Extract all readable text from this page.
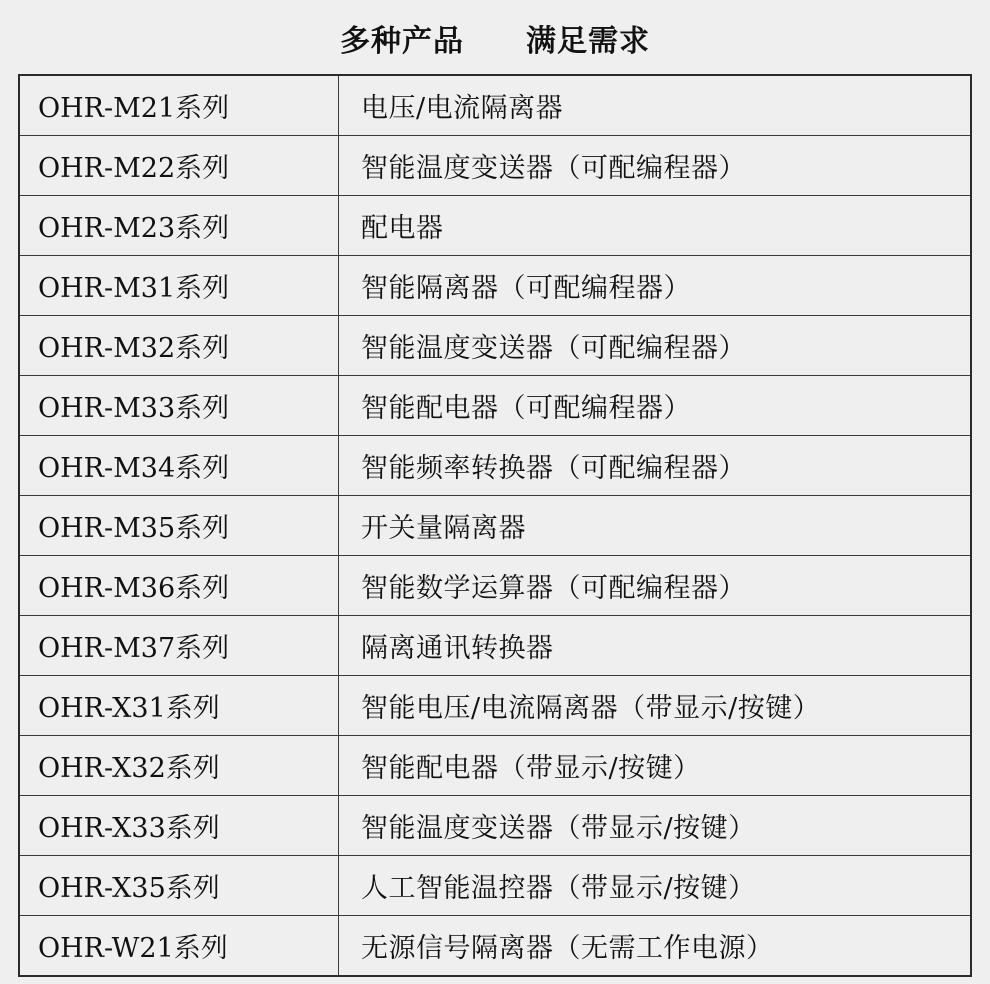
多种产品　　满足需求
OHR-M21系列	电压/电流隔离器
OHR-M22系列	智能温度变送器（可配编程器）
OHR-M23系列	配电器
OHR-M31系列	智能隔离器（可配编程器）
OHR-M32系列	智能温度变送器（可配编程器）
OHR-M33系列	智能配电器（可配编程器）
OHR-M34系列	智能频率转换器（可配编程器）
OHR-M35系列	开关量隔离器
OHR-M36系列	智能数学运算器（可配编程器）
OHR-M37系列	隔离通讯转换器
OHR-X31系列	智能电压/电流隔离器（带显示/按键）
OHR-X32系列	智能配电器（带显示/按键）
OHR-X33系列	智能温度变送器（带显示/按键）
OHR-X35系列	人工智能温控器（带显示/按键）
OHR-W21系列	无源信号隔离器（无需工作电源）
